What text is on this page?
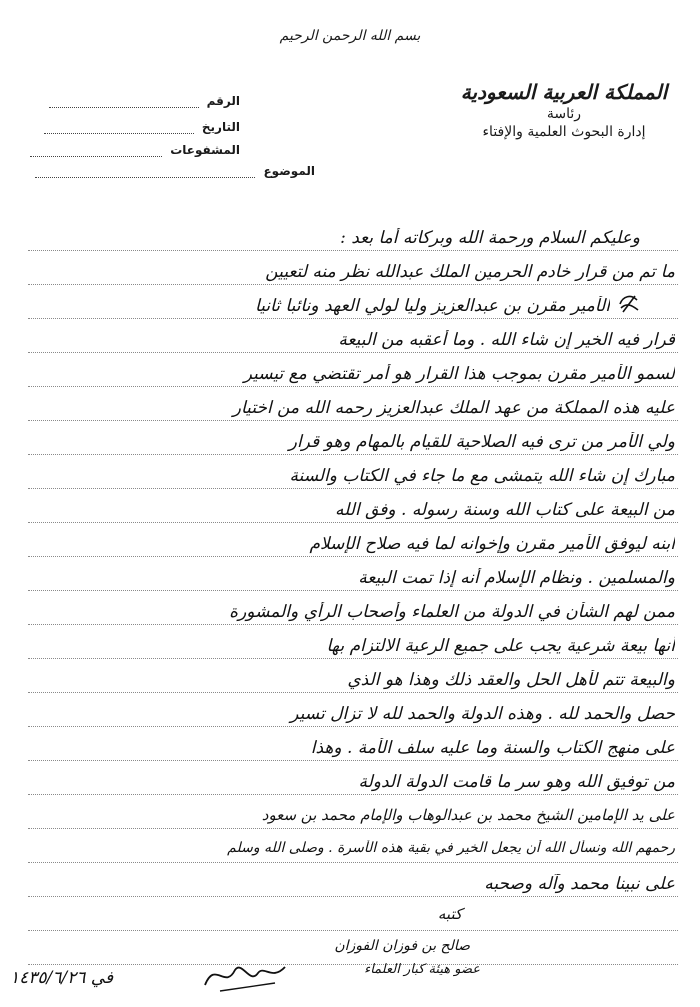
بسم الله الرحمن الرحيم
المملكة العربية السعودية
رئاسة
إدارة البحوث العلمية والإفتاء
الرقم
التاريخ
المشفوعات
الموضوع
وعليكم السلام ورحمة الله وبركاته أما بعد :
ما تم من قرار خادم الحرمين الملك عبدالله نظر منه لتعيين
الأمير مقرن بن عبدالعزيز وليا لولي العهد ونائبا ثانيا
قرار فيه الخير إن شاء الله . وما أعقبه من البيعة
لسمو الأمير مقرن بموجب هذا القرار هو أمر تقتضي مع تيسير
عليه هذه المملكة من عهد الملك عبدالعزيز رحمه الله من اختيار
ولي الأمر من ترى فيه الصلاحية للقيام بالمهام وهو قرار
مبارك إن شاء الله يتمشى مع ما جاء في الكتاب والسنة
من البيعة على كتاب الله وسنة رسوله . وفق الله
ابنه ليوفق الأمير مقرن وإخوانه لما فيه صلاح الإسلام
والمسلمين . ونظام الإسلام أنه إذا تمت البيعة
ممن لهم الشأن في الدولة من العلماء وأصحاب الرأي والمشورة
أنها بيعة شرعية يجب على جميع الرعية الالتزام بها
والبيعة تتم لأهل الحل والعقد ذلك وهذا هو الذي
حصل والحمد لله . وهذه الدولة والحمد لله لا تزال تسير
على منهج الكتاب والسنة وما عليه سلف الأمة . وهذا
من توفيق الله وهو سر ما قامت الدولة الدولة
على يد الإمامين الشيخ محمد بن عبدالوهاب والإمام محمد بن سعود
رحمهم الله ونسأل الله أن يجعل الخير في بقية هذه الأسرة . وصلى الله وسلم
على نبينا محمد وآله وصحبه
كتبه
صالح بن فوزان الفوزان
عضو هيئة كبار العلماء
في ١٤٣٥/٦/٢٦
